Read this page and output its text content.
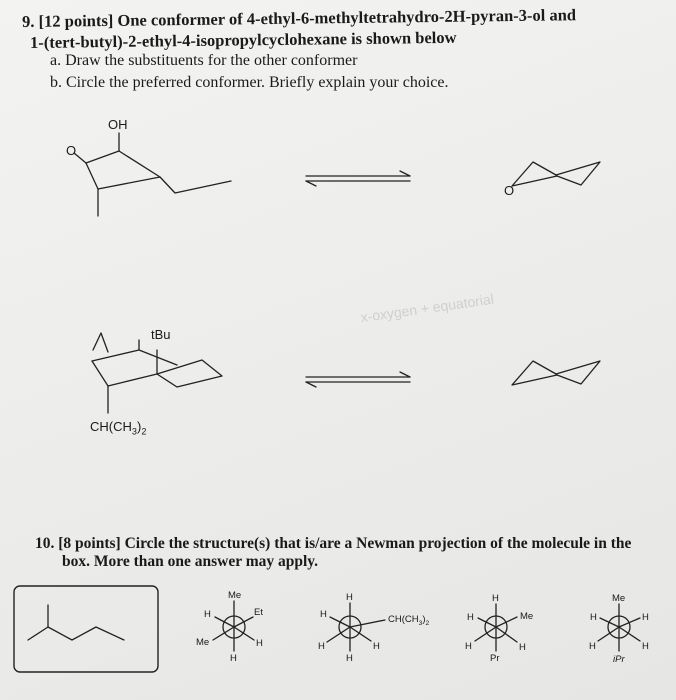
9. [12 points] One conformer of 4-ethyl-6-methyltetrahydro-2H-pyran-3-ol and
1-(tert-butyl)-2-ethyl-4-isopropylcyclohexane is shown below
a. Draw the substituents for the other conformer
b. Circle the preferred conformer. Briefly explain your choice.
x-oxygen + equatorial
OH
O
O
tBu
$CH(CH_3)_2$
10. [8 points] Circle the structure(s) that is/are a Newman projection of the molecule in the
box. More than one answer may apply.
Me
H	Et
Me	H
H
H
H	$CH(CH_3)_2$
H	H
H
H
H	Me
H	H
Pr
Me
H	H
H	H
iPr
